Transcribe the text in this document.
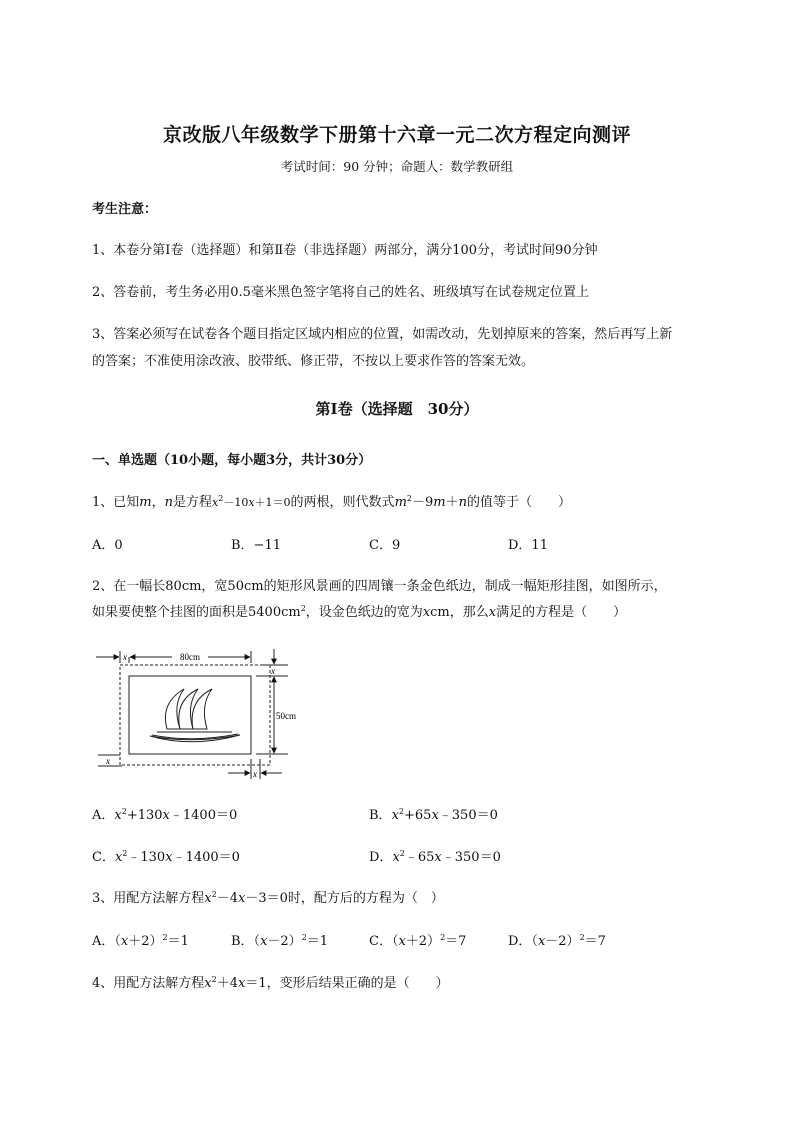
京改版八年级数学下册第十六章一元二次方程定向测评
考试时间：90 分钟；命题人：数学教研组
考生注意：
1、本卷分第Ⅰ卷（选择题）和第Ⅱ卷（非选择题）两部分，满分100分，考试时间90分钟
2、答卷前，考生务必用0.5毫米黑色签字笔将自己的姓名、班级填写在试卷规定位置上
3、答案必须写在试卷各个题目指定区域内相应的位置，如需改动，先划掉原来的答案，然后再写上新
的答案；不准使用涂改液、胶带纸、修正带，不按以上要求作答的答案无效。
第Ⅰ卷（选择题　30分）
一、单选题（10小题，每小题3分，共计30分）
1、已知m，n是方程$x^2-10x+1=0$的两根，则代数式$m^2-9m+n$的值等于（　　）
A．0	B．−11	C．9	D．11
2、在一幅长80cm，宽50cm的矩形风景画的四周镶一条金色纸边，制成一幅矩形挂图，如图所示，
如果要使整个挂图的面积是$5400cm^2$，设金色纸边的宽为xcm，那么x满足的方程是（　　）
80cm
x
x
50cm
x
x
A．$x^2+130x﹣1400=0$	B．$x^2+65x﹣350=0$
C．$x^2﹣130x﹣1400=0$	D．$x^2﹣65x﹣350=0$
3、用配方法解方程$x^2-4x-3=0$时，配方后的方程为（　）
A．$(x+2)^2=1$	B．$(x-2)^2=1$	C．$(x+2)^2=7$	D．$(x-2)^2=7$
4、用配方法解方程$x^2+4x=1$，变形后结果正确的是（　　）
